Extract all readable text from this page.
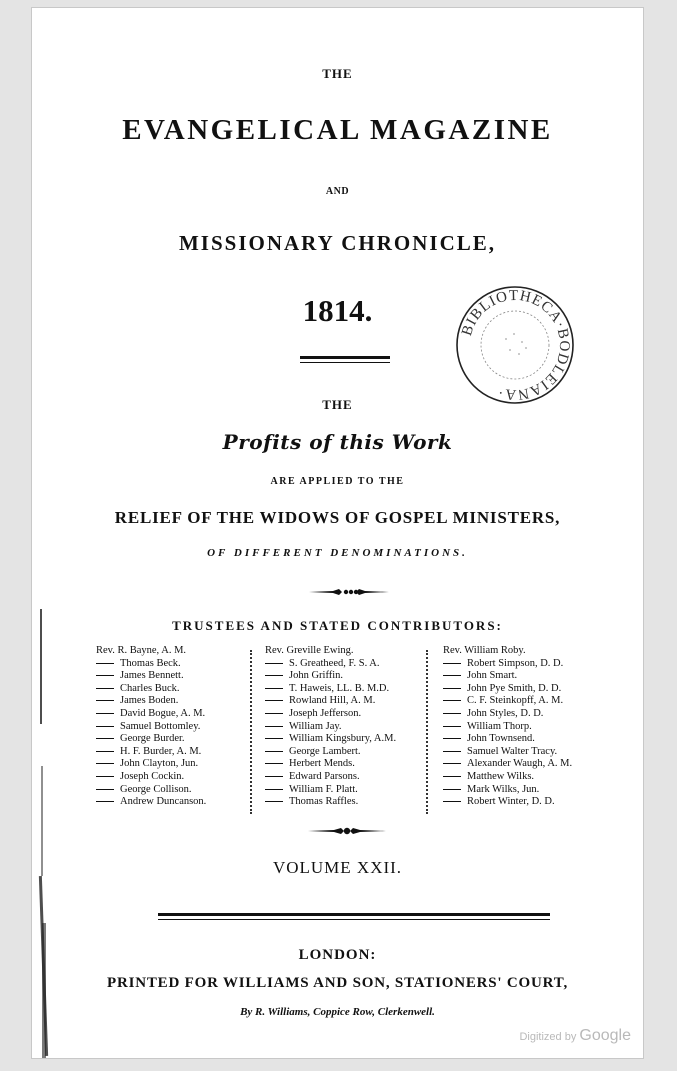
THE
EVANGELICAL MAGAZINE
AND
MISSIONARY CHRONICLE,
1814.
BIBLIOTHECA·BODLEIANA·
THE
Profits of this Work
ARE APPLIED TO THE
RELIEF OF THE WIDOWS OF GOSPEL MINISTERS,
OF DIFFERENT DENOMINATIONS.
TRUSTEES AND STATED CONTRIBUTORS:
Rev. R. Bayne, A. M.
Thomas Beck.
James Bennett.
Charles Buck.
James Boden.
David Bogue, A. M.
Samuel Bottomley.
George Burder.
H. F. Burder, A. M.
John Clayton, Jun.
Joseph Cockin.
George Collison.
Andrew Duncanson.
Rev. Greville Ewing.
S. Greatheed, F. S. A.
John Griffin.
T. Haweis, LL. B. M.D.
Rowland Hill, A. M.
Joseph Jefferson.
William Jay.
William Kingsbury, A.M.
George Lambert.
Herbert Mends.
Edward Parsons.
William F. Platt.
Thomas Raffles.
Rev. William Roby.
Robert Simpson, D. D.
John Smart.
John Pye Smith, D. D.
C. F. Steinkopff, A. M.
John Styles, D. D.
William Thorp.
John Townsend.
Samuel Walter Tracy.
Alexander Waugh, A. M.
Matthew Wilks.
Mark Wilks, Jun.
Robert Winter, D. D.
VOLUME XXII.
LONDON:
PRINTED FOR WILLIAMS AND SON, STATIONERS' COURT,
By R. Williams, Coppice Row, Clerkenwell.
Digitized by Google
